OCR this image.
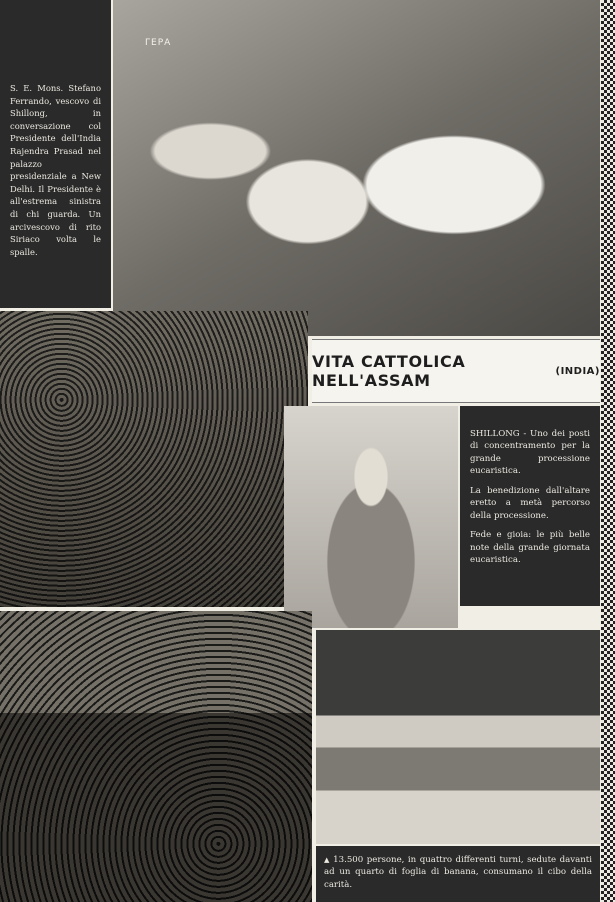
S. E. Mons. Stefano Ferrando, vescovo di Shillong, in conversazione col Presidente dell'India Rajendra Prasad nel palazzo presidenziale a New Delhi. Il Presidente è all'estrema sinistra di chi guarda. Un arcivescovo di rito Siriaco volta le spalle.
ΓΕΡΑ
VITA CATTOLICA NELL'ASSAM	(INDIA)

SHILLONG - Uno dei posti di concentramento per la grande processione eucaristica.

La benedizione dall'altare eretto a metà percorso della processione.

Fede e gioia: le più belle note della grande giornata eucaristica.

▲ 13.500 persone, in quattro differenti turni, sedute davanti ad un quarto di foglia di banana, consumano il cibo della carità.
